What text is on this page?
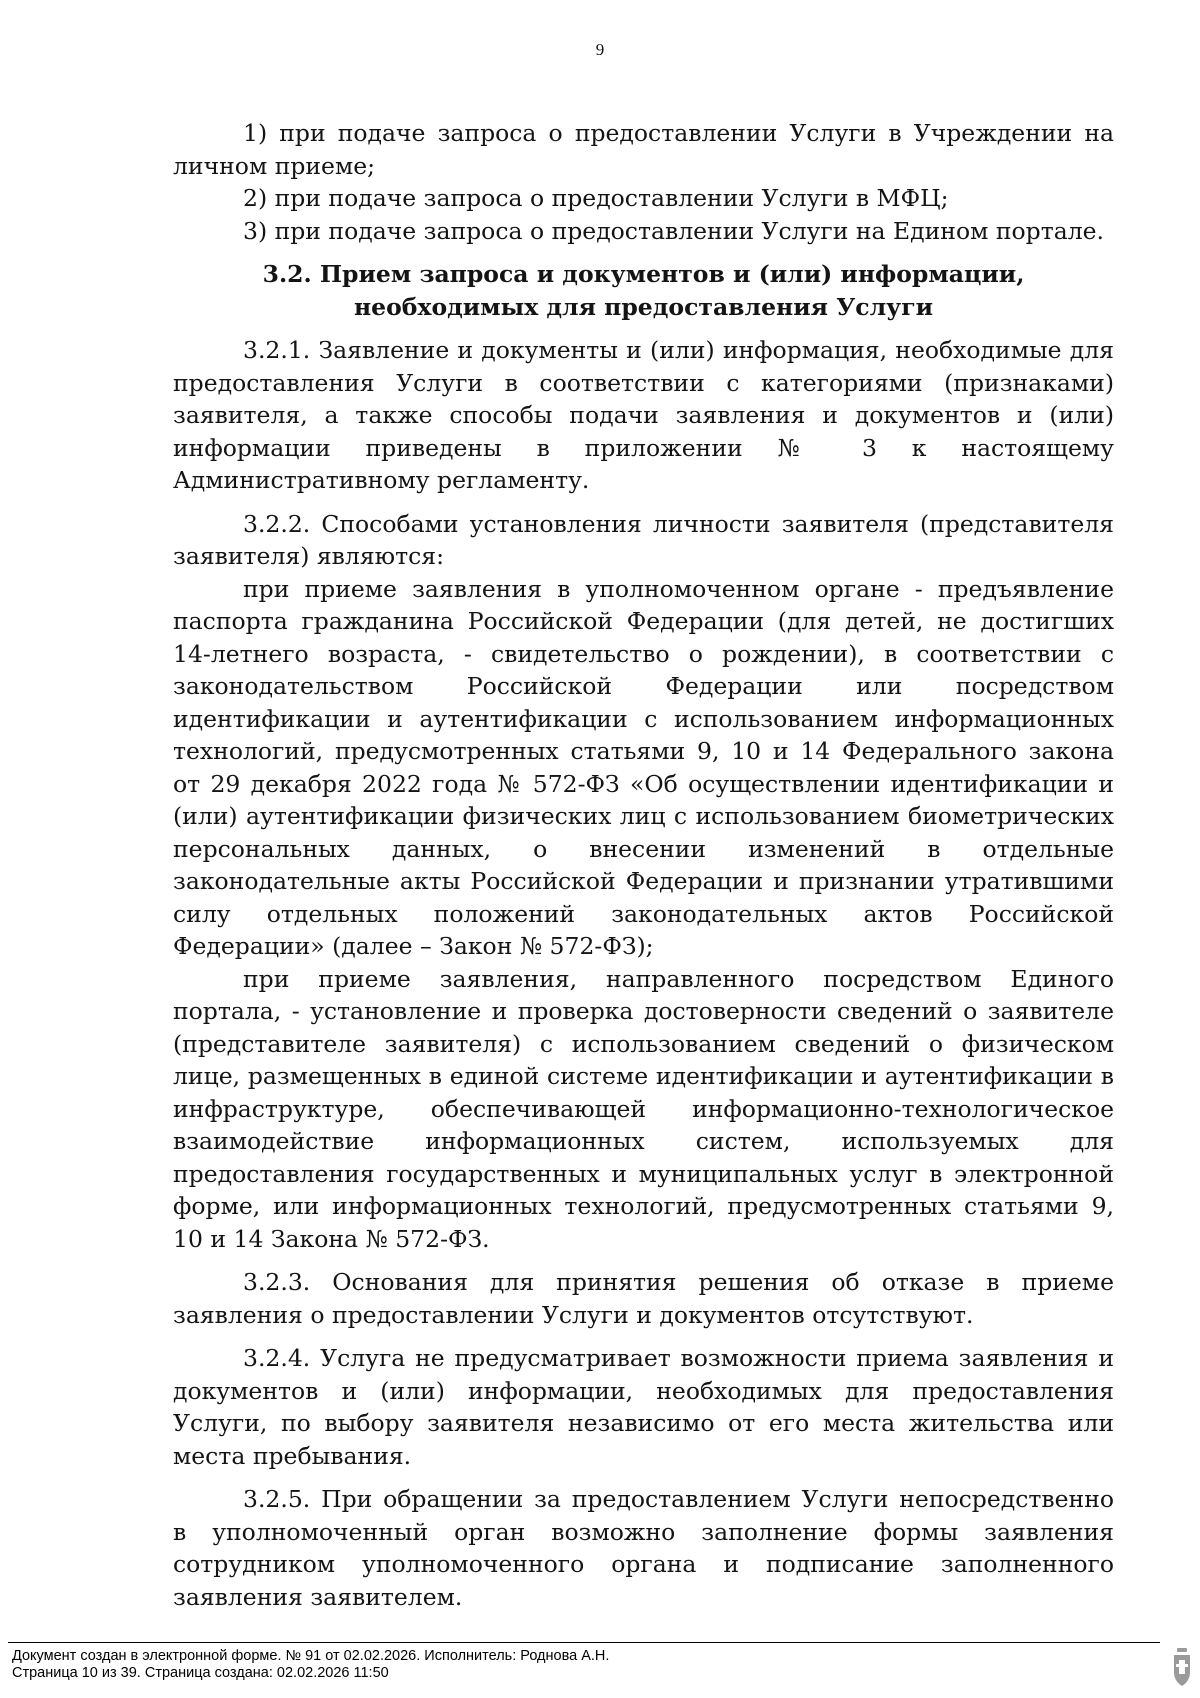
9

1) при подаче запроса о предоставлении Услуги в Учреждении на личном приеме;

2) при подаче запроса о предоставлении Услуги в МФЦ;

3) при подаче запроса о предоставлении Услуги на Едином портале.

3.2. Прием запроса и документов и (или) информации, необходимых для предоставления Услуги

3.2.1. Заявление и документы и (или) информация, необходимые для предоставления Услуги в соответствии с категориями (признаками) заявителя, а также способы подачи заявления и документов и (или) информации приведены в приложении № 3 к настоящему Административному регламенту.

3.2.2. Способами установления личности заявителя (представителя заявителя) являются:

при приеме заявления в уполномоченном органе - предъявление паспорта гражданина Российской Федерации (для детей, не достигших 14-летнего возраста, - свидетельство о рождении), в соответствии с законодательством Российской Федерации или посредством идентификации и аутентификации с использованием информационных технологий, предусмотренных статьями 9, 10 и 14 Федерального закона от 29 декабря 2022 года № 572-ФЗ «Об осуществлении идентификации и (или) аутентификации физических лиц с использованием биометрических персональных данных, о внесении изменений в отдельные законодательные акты Российской Федерации и признании утратившими силу отдельных положений законодательных актов Российской Федерации» (далее – Закон № 572-ФЗ);

при приеме заявления, направленного посредством Единого портала, - установление и проверка достоверности сведений о заявителе (представителе заявителя) с использованием сведений о физическом лице, размещенных в единой системе идентификации и аутентификации в инфраструктуре, обеспечивающей информационно-технологическое взаимодействие информационных систем, используемых для предоставления государственных и муниципальных услуг в электронной форме, или информационных технологий, предусмотренных статьями 9, 10 и 14 Закона № 572-ФЗ.

3.2.3. Основания для принятия решения об отказе в приеме заявления о предоставлении Услуги и документов отсутствуют.

3.2.4. Услуга не предусматривает возможности приема заявления и документов и (или) информации, необходимых для предоставления Услуги, по выбору заявителя независимо от его места жительства или места пребывания.

3.2.5. При обращении за предоставлением Услуги непосредственно в уполномоченный орган возможно заполнение формы заявления сотрудником уполномоченного органа и подписание заполненного заявления заявителем.

Документ создан в электронной форме. № 91 от 02.02.2026. Исполнитель: Роднова А.Н.
Страница 10 из 39. Страница создана: 02.02.2026 11:50
